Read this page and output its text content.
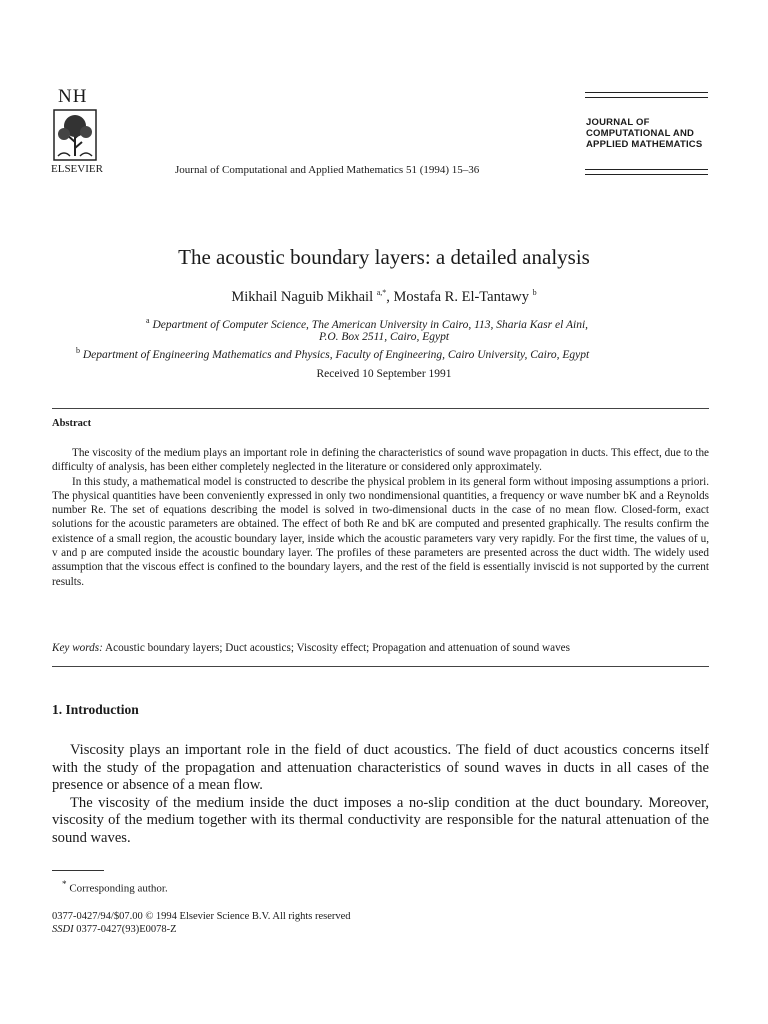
NH
ELSEVIER	Journal of Computational and Applied Mathematics 51 (1994) 15–36
JOURNAL OF
COMPUTATIONAL AND
APPLIED MATHEMATICS
The acoustic boundary layers: a detailed analysis
Mikhail Naguib Mikhail $^{a,*}$, Mostafa R. El-Tantawy $^b$
$^a$ Department of Computer Science, The American University in Cairo, 113, Sharia Kasr el Aini,
P.O. Box 2511, Cairo, Egypt
$^b$ Department of Engineering Mathematics and Physics, Faculty of Engineering, Cairo University, Cairo, Egypt
Received 10 September 1991
Abstract

The viscosity of the medium plays an important role in defining the characteristics of sound wave propagation in ducts. This effect, due to the difficulty of analysis, has been either completely neglected in the literature or considered only approximately.

In this study, a mathematical model is constructed to describe the physical problem in its general form without imposing assumptions a priori. The physical quantities have been conveniently expressed in only two nondimensional quantities, a frequency or wave number bK and a Reynolds number Re. The set of equations describing the model is solved in two-dimensional ducts in the case of no mean flow. Closed-form, exact solutions for the acoustic parameters are obtained. The effect of both Re and bK are computed and presented graphically. The results confirm the existence of a small region, the acoustic boundary layer, inside which the acoustic parameters vary very rapidly. For the first time, the values of u, v and p are computed inside the acoustic boundary layer. The profiles of these parameters are presented across the duct width. The widely used assumption that the viscous effect is confined to the boundary layers, and the rest of the field is essentially inviscid is not supported by the current results.

Key words: Acoustic boundary layers; Duct acoustics; Viscosity effect; Propagation and attenuation of sound waves
1. Introduction

Viscosity plays an important role in the field of duct acoustics. The field of duct acoustics concerns itself with the study of the propagation and attenuation characteristics of sound waves in ducts in all cases of the presence or absence of a mean flow.

The viscosity of the medium inside the duct imposes a no-slip condition at the duct boundary. Moreover, viscosity of the medium together with its thermal conductivity are responsible for the natural attenuation of the sound waves.

* Corresponding author.
0377-0427/94/$07.00 © 1994 Elsevier Science B.V. All rights reserved
SSDI 0377-0427(93)E0078-Z
